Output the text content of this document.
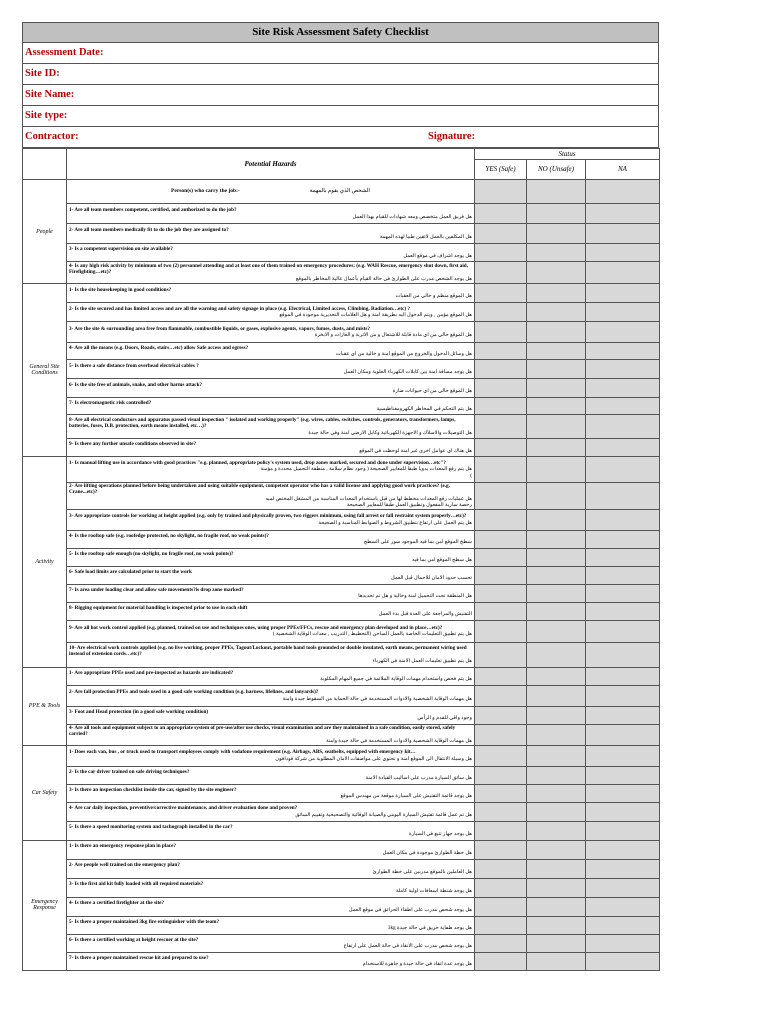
Site Risk Assessment Safety Checklist
Assessment Date:
Site ID:
Site Name:
Site type:
Contractor:	Signature:
	Potential Hazards	Status		
		YES (Safe)	NO (Unsafe)	NA
People	Person(s) who carry the job:- الشخص الذي يقوم بالمهمة			

	1- Are all team members competent, certified, and authorized to do the job?
هل فريق العمل متخصص ومعه شهادات للقيام بهذا العمل			

	2- Are all team members medically fit to do the job they are assigned to?
هل المكلفين بالعمل لائقين طبيا لهذه المهمة			

	3- Is a competent supervision on site available?
هل يوجد اشراف في موقع العمل			

	4- Is any high risk activity by minimum of two (2) personnel attending and at least one of them trained on emergency procedures; (e.g. WAH Rescue, emergency shut down, first aid, Firefighting…etc)?
هل يوجد الشخص مدرب على الطوارئ في حالة القيام بأعمال عالية المخاطر بالموقع			

General Site Conditions	1- Is the site housekeeping in good conditions?
هل الموقع منظم و خالي من العقبات			

	2- Is the site secured and has limited access and are all the warning and safety signage in place (e.g. Electrical, Limited access, Climbing, Radiation…etc) ?
هل الموقع مؤمن , ويتم الدخول اليه بطريقة امنة و هل العلامات التحذيرية موجودة في الموقع			

	3- Are the site & surrounding area free from flammable, combustible liquids, or gases, explosive agents, vapors, fumes, dusts, and mists?
هل الموقع خالي من اي مادة قابلة للاشتعال و من الاتربة و الغازات و الابخرة			

	4- Are all the means (e.g. Doors, Roads, stairs…etc) allow Safe access and egress?
هل وسائل الدخول والخروج من الموقع امنة و خالية من اي عقبات			

	5- Is there a safe distance from overhead electrical cables ?
هل يوجد مسافة امنة بين كابلات الكهرباء العلوية ومكان العمل			

	6- Is the site free of animals, snake, and other harms attack?
هل الموقع خالي من اي حيوانات ضارة			

	7- Is electromagnetic risk controlled?
هل يتم التحكم في المخاطر الكهرومغناطيسية			

	8- Are all electrical conductors and apparatus passed visual inspection " isolated and working properly" (e.g. wires, cables, switches, controls, generators, transformers, lamps, batteries, fuses, D.B. protection, earth means installed, etc…)?
هل التوصيلات والاسلاك و الاجهزة الكهربائية وكابل الارضي امنة وفي حالة جيدة			

	9- Is there any further unsafe conditions observed in site?
هل هناك اي عوامل اخرى غير امنة لوحظت في الموقع			

Activity	1- Is manual lifting use in accordance with good practices "e.g. planned, appropriate policy's system used, drop zones marked, secured and done under supervision…etc"?
هل يتم رفع المعدات يدويا طبقا للمعايير الصحيحة ( وجود نظام سلامة , منطقة التحميل محددة و مؤمنة )			

	2- Are lifting operations planned before being undertaken and using suitable equipment, competent operator who has a valid license and applying good work practices? (e.g. Crane...etc)?
هل عمليات رفع المعدات مخطط لها من قبل باستخدام المعدات المناسبة من المشغل المختص لمبه رخصة سارية المفعول وتطبيق العمل طبقا للمعايير الصحيحة			

	3- Are appropriate controls for working at height applied (e.g. only by trained and physically proven, two riggers minimum, using fall arrest or fall restraint system properly…etc)?
هل يتم العمل على ارتفاع بتطبيق الشروط و الضوابط المناسبة و الصحيحة			

	4- Is the rooftop safe (e.g. roofedge protected, no skylight, no fragile roof, no weak points)?
سطح الموقع امن بما فيه الموجود سور على السطح			

	5- Is the rooftop safe enough (no skylight, no fragile roof, no weak points)?
هل سطح الموقع امن بما فيه			

	6- Safe load limits are calculated prior to start the work
تحسب حدود الامان للاحمال قبل العمل			

	7- Is area under loading clear and allow safe movements?is drop zone marked?
هل المنطقة تحت التحميل امنة وخالية و هل تم تحديدها			

	8- Rigging equipment for material handling is inspected prior to use in each shift
التفتيش والمراجعة على العدة قبل بدء العمل			

	9- Are all hot work control applied (e.g. planned, trained on use and techniques ones, using proper PPEs/FFCs, rescue and emergency plan developed and in place…etc)?
هل يتم تطبيق التعليمات الخاصة بالعمل الساخن (التخطيط , التدريب , معدات الوقاية الشخصية )			

	10- Are electrical work controls applied (e.g. no live working, proper PPEs, Tagout/Lockout, portable hand tools grounded or double insulated, earth means, permanent wiring used instead of extension cords…etc)?
هل يتم تطبيق تعليمات العمل الامنة في الكهرباء			

PPE & Tools	1- Are appropriate PPEs used and pre-inspected as hazards are indicated?
هل يتم فحص واستخدام مهمات الوقاية الملائمة في جميع المهام المكلوبة			

	2- Are fall protection PPEs and tools used in a good safe working condition (e.g. harness, lifelines, and lanyards)?
هل مهمات الوقاية الشخصية والادوات المستخدمة في حالة الحماية من السقوط جيدة وامنة			

	3- Foot and Head protection (in a good safe working condition)
وجود واقي للقدم و الرأس			

	4- Are all tools and equipment subject to an appropriate system of pre-use/after use checks, visual examination and are they maintained in a safe condition, easily stored, safely carried?
هل مهمات الوقاية الشخصية والادوات المستخدمة في حالة جيدة وامنة			

Car Safety	1- Does each van, bus , or truck used to transport employees comply with vodafone requirement (e.g. Airbags, ABS, seatbelts, equipped with emergency kit…
هل وسيلة الانتقال الى الموقع امنة و تحتوي على مواصفات الامان المطلوبة من شركة فودافون			

	2- Is the car driver trained on safe driving techniques?
هل سائق السيارة مدرب على اساليب القيادة الامنة			

	3- Is there an inspection checklist inside the car, signed by the site engineer?
هل يوجد قائمة التفتيش على السيارة موقعة من مهندس الموقع			

	4- Are car daily inspection, preventive/corrective maintenance, and driver evaluation done and proven?
هل تم عمل قائمة تفتيش السيارة اليومي والصيانة الوقائية والتصحيحية وتقييم السائق			

	5- Is there a speed monitoring system and tachograph installed in the car?
هل يوجد جهاز تتبع في السيارة			

Emergency Response	1- Is there an emergency response plan in place?
هل خطة الطوارئ موجودة في مكان العمل			

	2- Are people well trained on the emergency plan?
هل العاملين بالموقع مدربين على خطة الطوارئ			

	3- Is the first aid kit fully loaded with all required materials?
هل يوجد شنطة اسعافات اولية كاملة			

	4- Is there a certified firefighter at the site?
هل يوجد شخص مدرب على اطفاء الحرائق في موقع العمل			

	5- Is there a proper maintained 3kg fire extinguisher with the team?
هل يوجد طفاية حريق في حالة جيدة 3kg			

	6- Is there a certified working at height rescuer at the site?
هل يوجد شخص مدرب على الانقاذ في حالة العمل على ارتفاع			

	7- Is there a proper maintained rescue kit and prepared to use?
هل يوجد عدة انقاذ في حالة جيدة و جاهزة للاستخدام			
